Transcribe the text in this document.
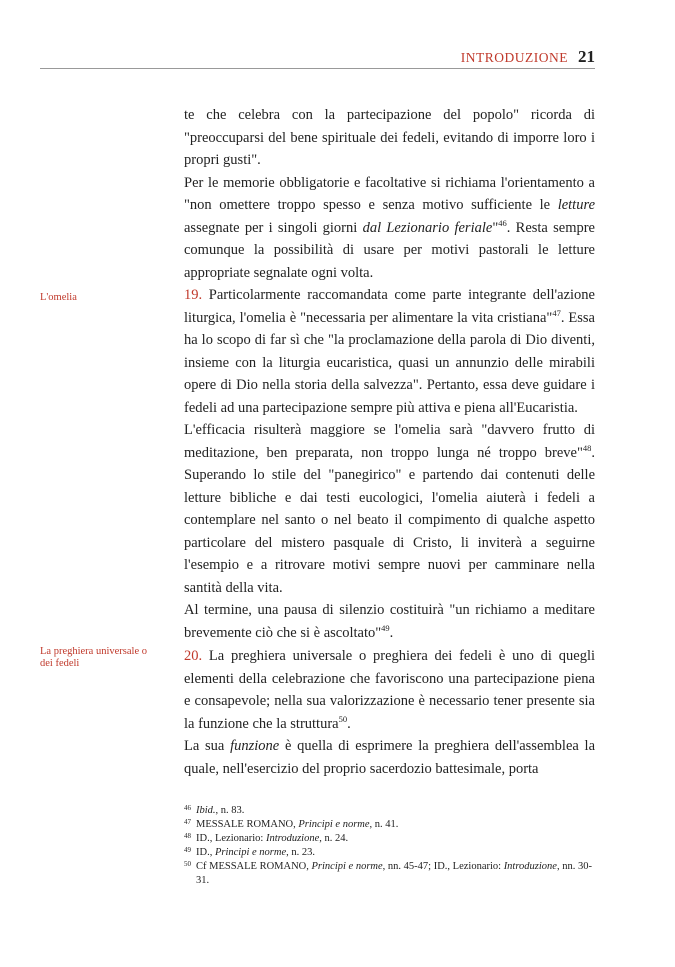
INTRODUZIONE 21

te che celebra con la partecipazione del popolo" ricorda di "preoccuparsi del bene spirituale dei fedeli, evitando di imporre loro i propri gusti".

Per le memorie obbligatorie e facoltative si richiama l'orientamento a "non omettere troppo spesso e senza motivo sufficiente le letture assegnate per i singoli giorni dal Lezionario feriale"$^{46}$. Resta sempre comunque la possibilità di usare per motivi pastorali le letture appropriate segnalate ogni volta.

L'omelia	19. Particolarmente raccomandata come parte integrante dell'azione liturgica, l'omelia è "necessaria per alimentare la vita cristiana"$^{47}$. Essa ha lo scopo di far sì che "la proclamazione della parola di Dio diventi, insieme con la liturgia eucaristica, quasi un annunzio delle mirabili opere di Dio nella storia della salvezza". Pertanto, essa deve guidare i fedeli ad una partecipazione sempre più attiva e piena all'Eucaristia.

L'efficacia risulterà maggiore se l'omelia sarà "davvero frutto di meditazione, ben preparata, non troppo lunga né troppo breve"$^{48}$. Superando lo stile del "panegirico" e partendo dai contenuti delle letture bibliche e dai testi eucologici, l'omelia aiuterà i fedeli a contemplare nel santo o nel beato il compimento di qualche aspetto particolare del mistero pasquale di Cristo, li inviterà a seguirne l'esempio e a ritrovare motivi sempre nuovi per camminare nella santità della vita.

Al termine, una pausa di silenzio costituirà "un richiamo a meditare brevemente ciò che si è ascoltato"$^{49}$.

La preghiera universale o dei fedeli	20. La preghiera universale o preghiera dei fedeli è uno di quegli elementi della celebrazione che favoriscono una partecipazione piena e consapevole; nella sua valorizzazione è necessario tener presente sia la funzione che la struttura$^{50}$.

La sua funzione è quella di esprimere la preghiera dell'assemblea la quale, nell'esercizio del proprio sacerdozio battesimale, porta

46 Ibid., n. 83.
47 MESSALE ROMANO, Principi e norme, n. 41.
48 ID., Lezionario: Introduzione, n. 24.
49 ID., Principi e norme, n. 23.
50 Cf MESSALE ROMANO, Principi e norme, nn. 45-47; ID., Lezionario: Introduzione, nn. 30-31.
